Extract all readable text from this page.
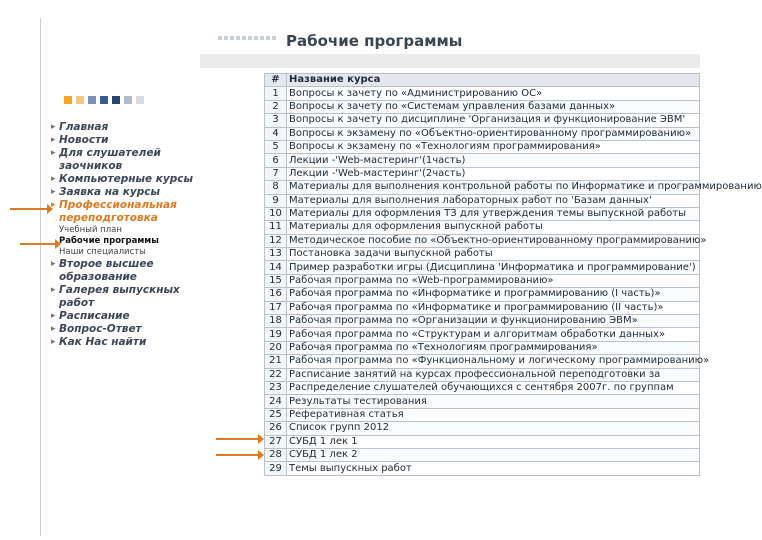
Рабочие программы
▸ Главная
▸ Новости
▸ Для слушателей заочников
▸ Компьютерные курсы
▸ Заявка на курсы
▸ Профессиональная переподготовка
Учебный план
Рабочие программы
Наши специалисты
▸ Второе высшее образование
▸ Галерея выпускных работ
▸ Расписание
▸ Вопрос-Ответ
▸ Как Нас найти
#	Название курса
1	Вопросы к зачету по «Администрированию ОС»
2	Вопросы к зачету по «Системам управления базами данных»
3	Вопросы к зачету по дисциплине 'Организация и функционирование ЭВМ'
4	Вопросы к экзамену по «Объектно-ориентированному программированию»
5	Вопросы к экзамену по «Технологиям программирования»
6	Лекции -'Web-мастеринг'(1часть)
7	Лекции -'Web-мастеринг'(2часть)
8	Материалы для выполнения контрольной работы по Информатике и программированию
9	Материалы для выполнения лабораторных работ по 'Базам данных'
10	Материалы для оформления ТЗ для утверждения темы выпускной работы
11	Материалы для оформления выпускной работы
12	Методическое пособие по «Объектно-ориентированному программированию»
13	Постановка задачи выпускной работы
14	Пример разработки игры (Дисциплина 'Информатика и программирование')
15	Рабочая программа по «Web-программированию»
16	Рабочая программа по «Информатике и программированию (I часть)»
17	Рабочая программа по «Информатике и программированию (II часть)»
18	Рабочая программа по «Организации и функционированию ЭВМ»
19	Рабочая программа по «Структурам и алгоритмам обработки данных»
20	Рабочая программа по «Технологиям программирования»
21	Рабочая программа по «Функциональному и логическому программированию»
22	Расписание занятий на курсах профессиональной переподготовки за
23	Распределение слушателей обучающихся с сентября 2007г. по группам
24	Результаты тестирования
25	Реферативная статья
26	Список групп 2012
27	СУБД 1 лек 1
28	СУБД 1 лек 2
29	Темы выпускных работ
